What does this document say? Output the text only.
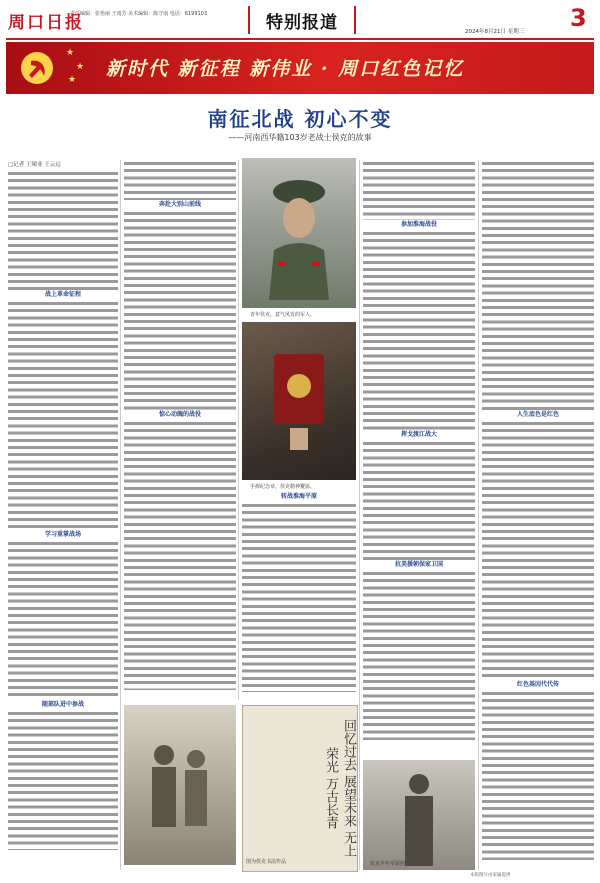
周口日报
责任编辑：张艳丽 王雨芳 美术编辑：陈守南 电话：6199103	特别报道	2024年8月21日 星期三 3
★
★
★ 新时代 新征程 新伟业 · 周口红色记忆
南征北战 初心不变
——河南西华籍103岁老战士侯克的故事
□记者 王啸业 王云远
战上革命征程
学习重掌战场
随部队进中参战
奔赴大别山前线
惊心动魄的战役
青年侯克，意气风发的军人。
手捧纪念章，侯克精神矍铄。
转战淮海平原
参加淮海战役
挥戈渡江战大
抗美援朝保家卫国
人生底色是红色
红色基因代代传
回忆过去 展望未来 无上荣光 万古长青
图为侯克书法作品	侯克早年军装照
本版图片由家属提供
